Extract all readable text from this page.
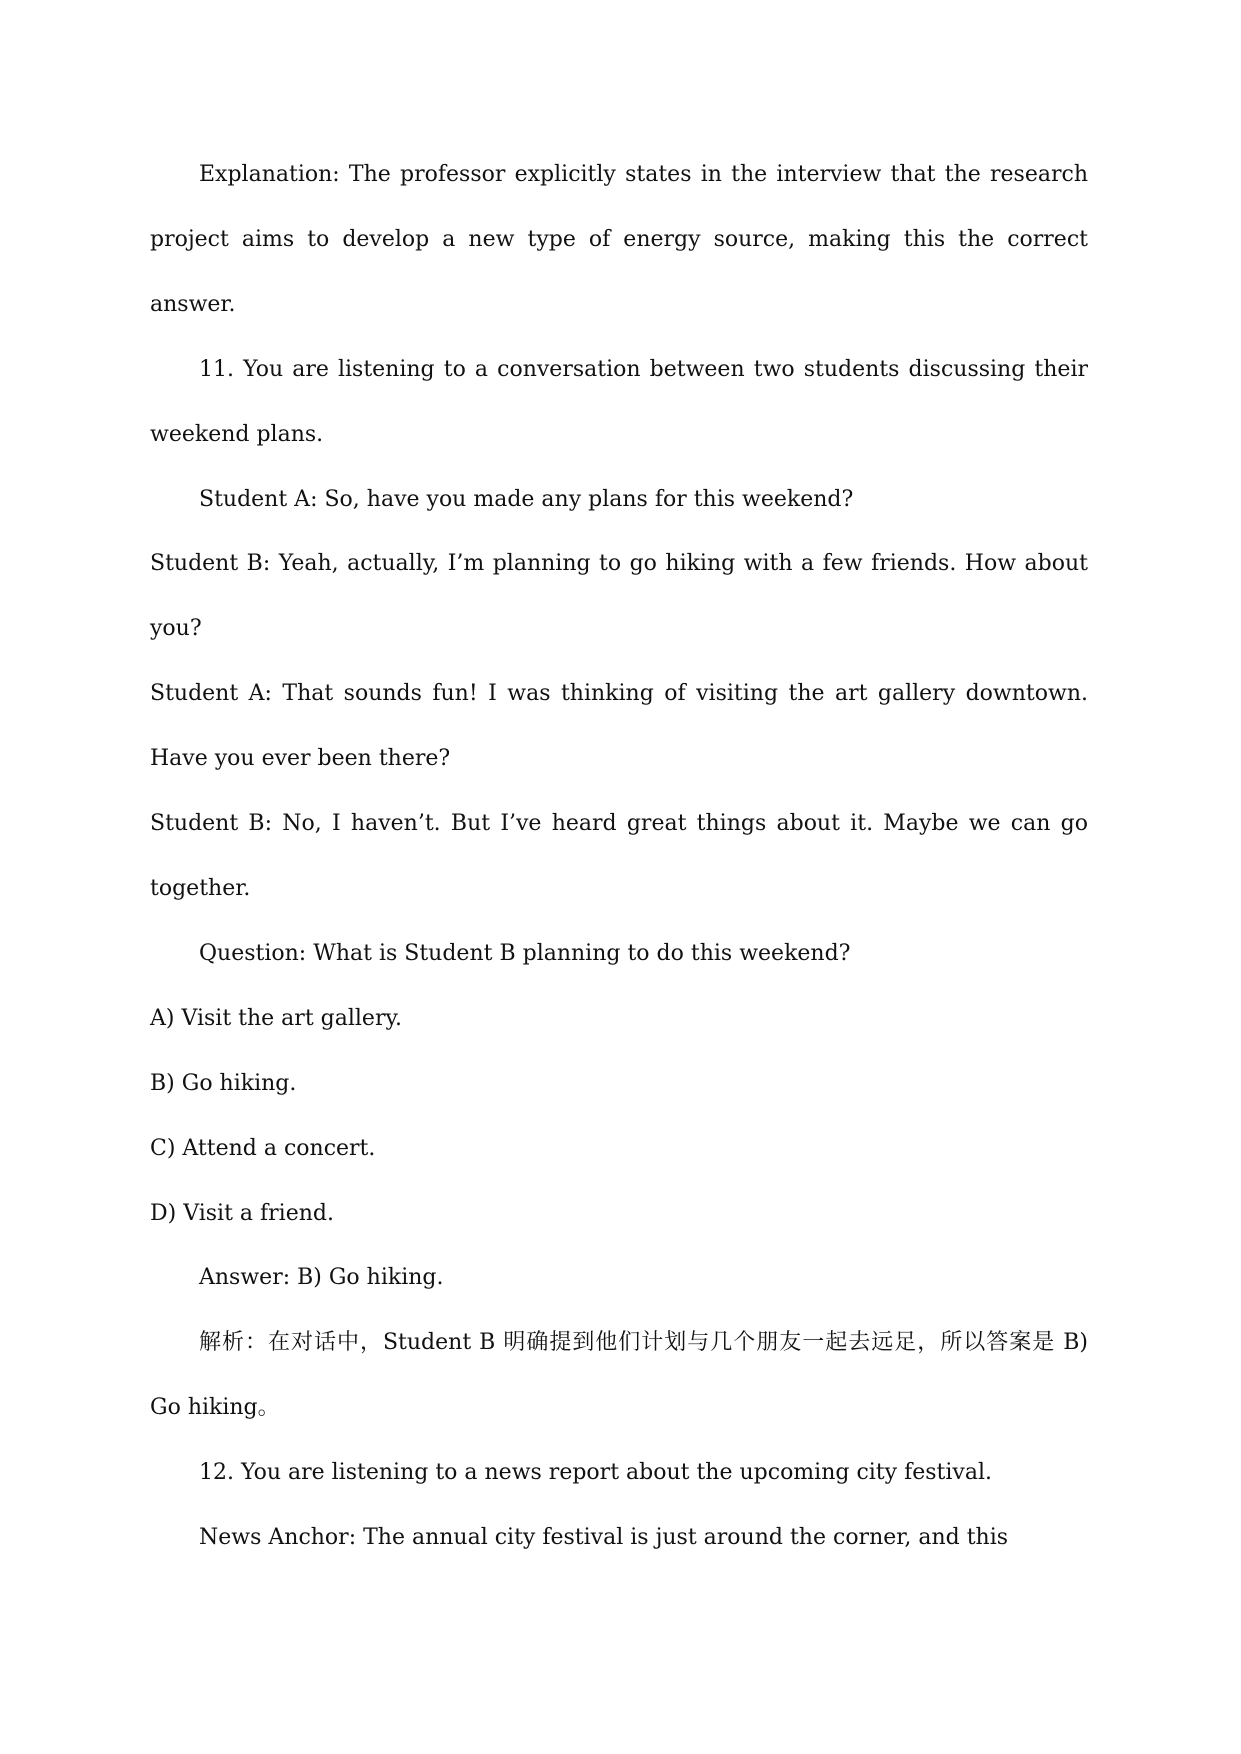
Explanation: The professor explicitly states in the interview that the research project aims to develop a new type of energy source, making this the correct answer.

11. You are listening to a conversation between two students discussing their weekend plans.

Student A: So, have you made any plans for this weekend?

Student B: Yeah, actually, I’m planning to go hiking with a few friends. How about you?

Student A: That sounds fun! I was thinking of visiting the art gallery downtown. Have you ever been there?

Student B: No, I haven’t. But I’ve heard great things about it. Maybe we can go together.

Question: What is Student B planning to do this weekend?

A) Visit the art gallery.

B) Go hiking.

C) Attend a concert.

D) Visit a friend.

Answer: B) Go hiking.

解析：在对话中，Student B 明确提到他们计划与几个朋友一起去远足，所以答案是 B) Go hiking。

12. You are listening to a news report about the upcoming city festival.

News Anchor: The annual city festival is just around the corner, and this
